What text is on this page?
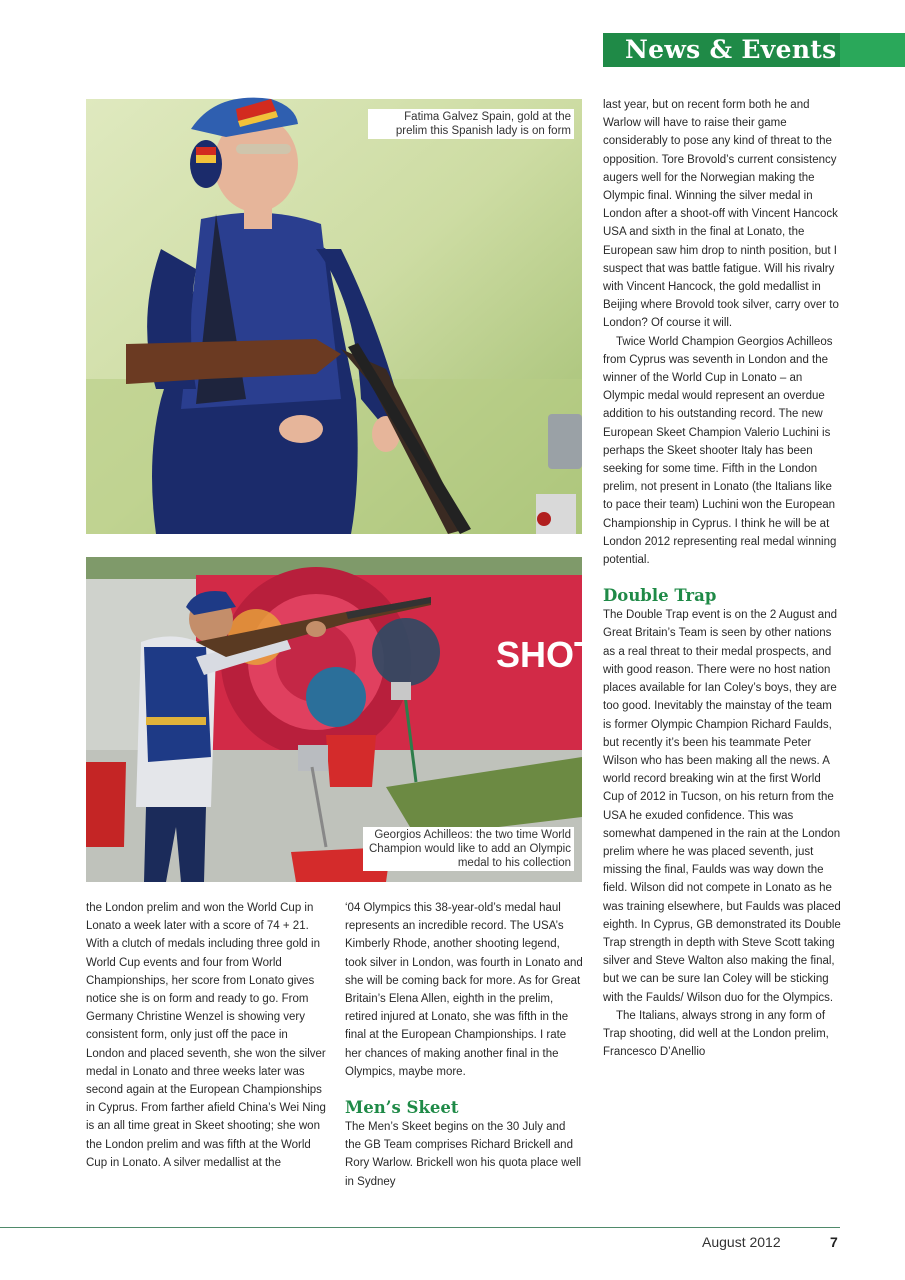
News & Events
Fatima Galvez Spain, gold at the prelim this Spanish lady is on form
SHOT
Georgios Achilleos: the two time World Champion would like to add an Olympic medal to his collection

the London prelim and won the World Cup in Lonato a week later with a score of 74 + 21. With a clutch of medals including three gold in World Cup events and four from World Championships, her score from Lonato gives notice she is on form and ready to go. From Germany Christine Wenzel is showing very consistent form, only just off the pace in London and placed seventh, she won the silver medal in Lonato and three weeks later was second again at the European Championships in Cyprus. From farther afield China’s Wei Ning is an all time great in Skeet shooting; she won the London prelim and was fifth at the World Cup in Lonato. A silver medallist at the

‘04 Olympics this 38-year-old’s medal haul represents an incredible record. The USA’s Kimberly Rhode, another shooting legend, took silver in London, was fourth in Lonato and she will be coming back for more. As for Great Britain’s Elena Allen, eighth in the prelim, retired injured at Lonato, she was fifth in the final at the European Championships. I rate her chances of making another final in the Olympics, maybe more.

Men’s Skeet

The Men’s Skeet begins on the 30 July and the GB Team comprises Richard Brickell and Rory Warlow. Brickell won his quota place well in Sydney

last year, but on recent form both he and Warlow will have to raise their game considerably to pose any kind of threat to the opposition. Tore Brovold’s current consistency augers well for the Norwegian making the Olympic final. Winning the silver medal in London after a shoot-off with Vincent Hancock USA and sixth in the final at Lonato, the European saw him drop to ninth position, but I suspect that was battle fatigue. Will his rivalry with Vincent Hancock, the gold medallist in Beijing where Brovold took silver, carry over to London? Of course it will.

Twice World Champion Georgios Achilleos from Cyprus was seventh in London and the winner of the World Cup in Lonato – an Olympic medal would represent an overdue addition to his outstanding record. The new European Skeet Champion Valerio Luchini is perhaps the Skeet shooter Italy has been seeking for some time. Fifth in the London prelim, not present in Lonato (the Italians like to pace their team) Luchini won the European Championship in Cyprus. I think he will be at London 2012 representing real medal winning potential.

Double Trap

The Double Trap event is on the 2 August and Great Britain’s Team is seen by other nations as a real threat to their medal prospects, and with good reason. There were no host nation places available for Ian Coley’s boys, they are too good. Inevitably the mainstay of the team is former Olympic Champion Richard Faulds, but recently it’s been his teammate Peter Wilson who has been making all the news. A world record breaking win at the first World Cup of 2012 in Tucson, on his return from the USA he exuded confidence. This was somewhat dampened in the rain at the London prelim where he was placed seventh, just missing the final, Faulds was way down the field. Wilson did not compete in Lonato as he was training elsewhere, but Faulds was placed eighth. In Cyprus, GB demonstrated its Double Trap strength in depth with Steve Scott taking silver and Steve Walton also making the final, but we can be sure Ian Coley will be sticking with the Faulds/ Wilson duo for the Olympics.

The Italians, always strong in any form of Trap shooting, did well at the London prelim, Francesco D’Anellio

August 2012	7
